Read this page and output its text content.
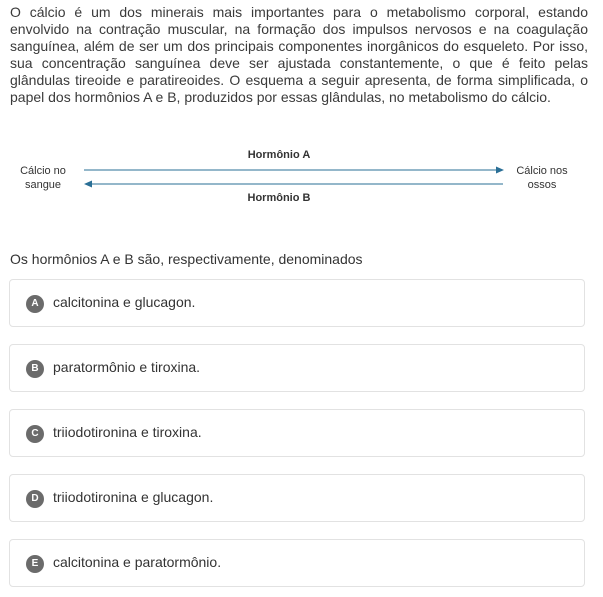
O cálcio é um dos minerais mais importantes para o metabolismo corporal, estando envolvido na contração muscular, na formação dos impulsos nervosos e na coagulação sanguínea, além de ser um dos principais componentes inorgânicos do esqueleto. Por isso, sua concentração sanguínea deve ser ajustada constantemente, o que é feito pelas glândulas tireoide e paratireoides. O esquema a seguir apresenta, de forma simplificada, o papel dos hormônios A e B, produzidos por essas glândulas, no metabolismo do cálcio.

Cálcio no
sangue
Cálcio nos
ossos
Hormônio A
Hormônio B

Os hormônios A e B são, respectivamente, denominados

A	calcitonina e glucagon.
B	paratormônio e tiroxina.
C	triiodotironina e tiroxina.
D	triiodotironina e glucagon.
E	calcitonina e paratormônio.
